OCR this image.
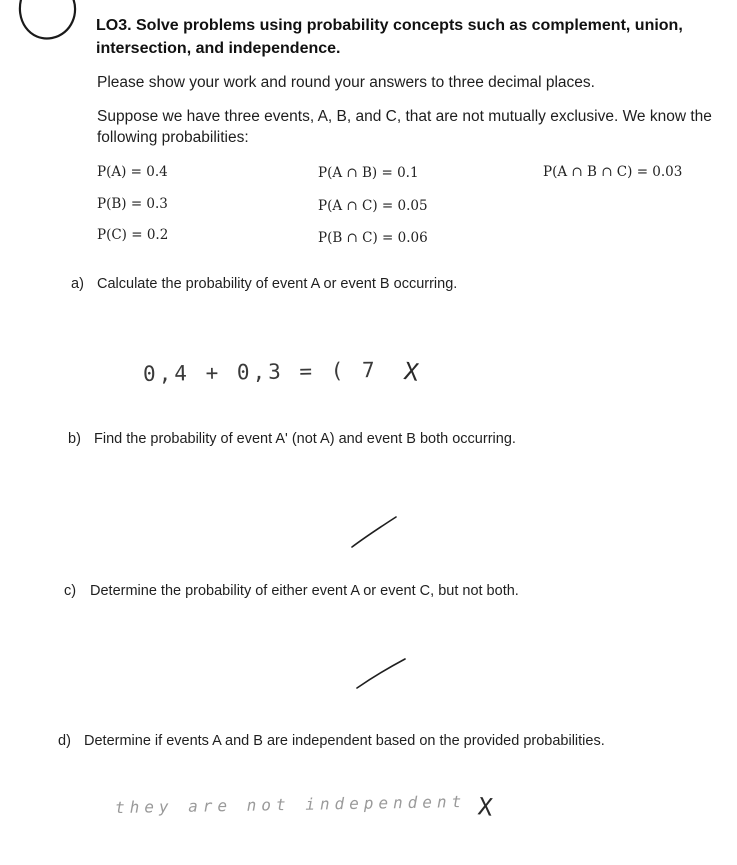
LO3. Solve problems using probability concepts such as complement, union,
intersection, and independence.
Please show your work and round your answers to three decimal places.
Suppose we have three events, A, B, and C, that are not mutually exclusive. We know the
following probabilities:
P(A) = 0.4
P(B) = 0.3
P(C) = 0.2
P(A ∩ B) = 0.1
P(A ∩ C) = 0.05
P(B ∩ C) = 0.06
P(A ∩ B ∩ C) = 0.03
a) Calculate the probability of event A or event B occurring.
0,4 + 0,3 = ( 7 X
b) Find the probability of event A' (not A) and event B both occurring.
c) Determine the probability of either event A or event C, but not both.
d) Determine if events A and B are independent based on the provided probabilities.
they are not independent X
